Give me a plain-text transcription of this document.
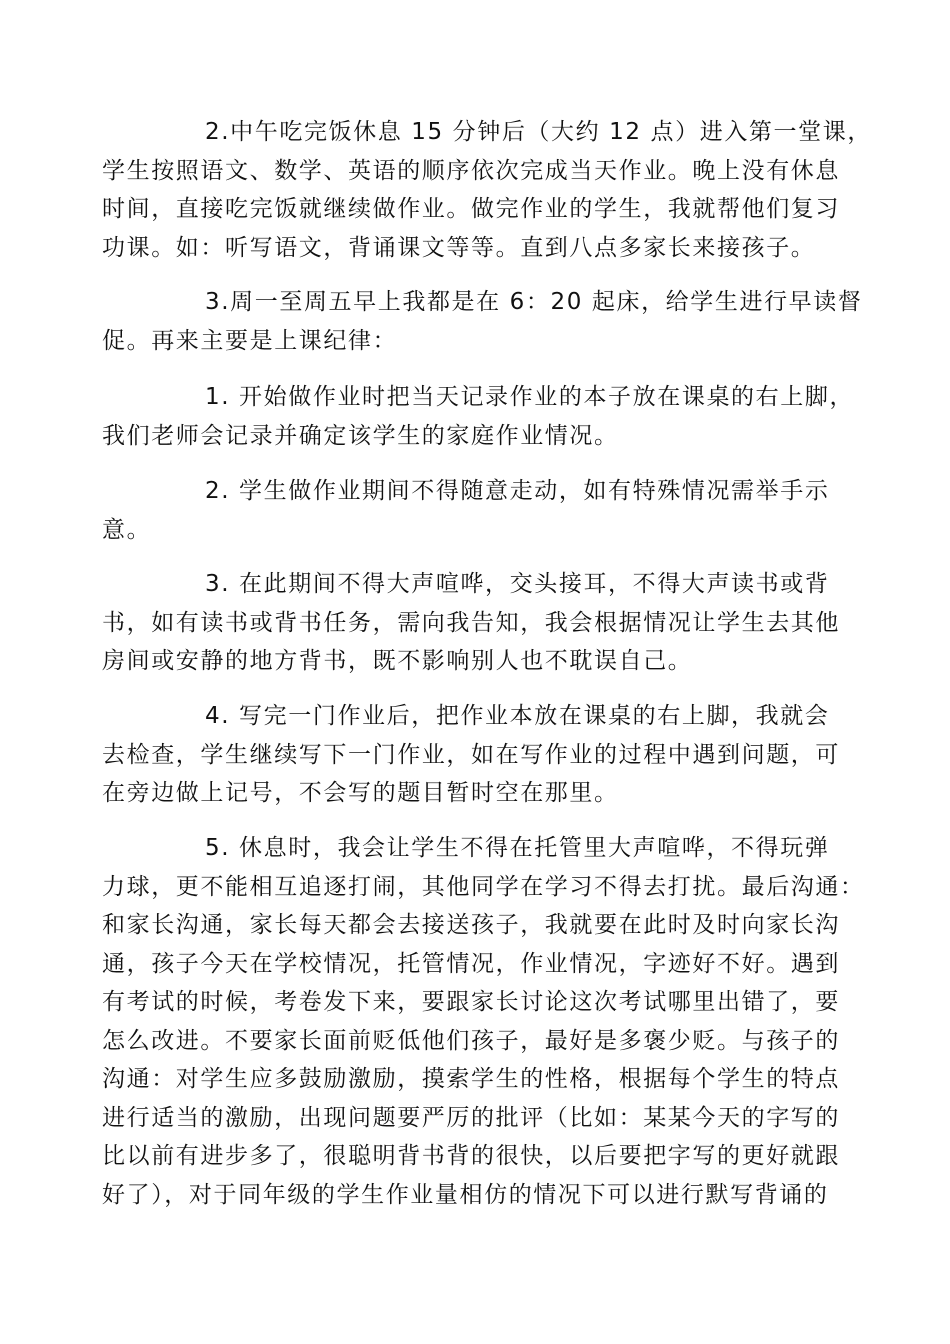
2.中午吃完饭休息 15 分钟后（大约 12 点）进入第一堂课，
学生按照语文、数学、英语的顺序依次完成当天作业。晚上没有休息
时间，直接吃完饭就继续做作业。做完作业的学生，我就帮他们复习
功课。如：听写语文，背诵课文等等。直到八点多家长来接孩子。
3.周一至周五早上我都是在 6：20 起床，给学生进行早读督
促。再来主要是上课纪律：
1. 开始做作业时把当天记录作业的本子放在课桌的右上脚，
我们老师会记录并确定该学生的家庭作业情况。
2. 学生做作业期间不得随意走动，如有特殊情况需举手示
意。
3. 在此期间不得大声喧哗，交头接耳，不得大声读书或背
书，如有读书或背书任务，需向我告知，我会根据情况让学生去其他
房间或安静的地方背书，既不影响别人也不耽误自己。
4. 写完一门作业后，把作业本放在课桌的右上脚，我就会
去检查，学生继续写下一门作业，如在写作业的过程中遇到问题，可
在旁边做上记号，不会写的题目暂时空在那里。
5. 休息时，我会让学生不得在托管里大声喧哗，不得玩弹
力球，更不能相互追逐打闹，其他同学在学习不得去打扰。最后沟通：
和家长沟通，家长每天都会去接送孩子，我就要在此时及时向家长沟
通，孩子今天在学校情况，托管情况，作业情况，字迹好不好。遇到
有考试的时候，考卷发下来，要跟家长讨论这次考试哪里出错了，要
怎么改进。不要家长面前贬低他们孩子，最好是多褒少贬。与孩子的
沟通：对学生应多鼓励激励，摸索学生的性格，根据每个学生的特点
进行适当的激励，出现问题要严厉的批评（比如：某某今天的字写的
比以前有进步多了，很聪明背书背的很快，以后要把字写的更好就跟
好了），对于同年级的学生作业量相仿的情况下可以进行默写背诵的
